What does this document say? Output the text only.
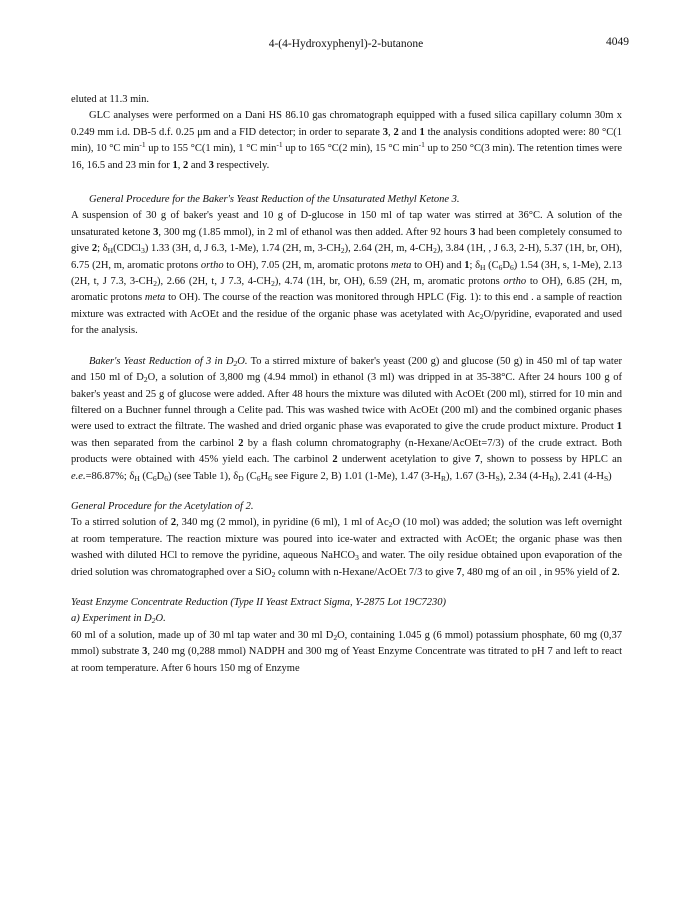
4-(4-Hydroxyphenyl)-2-butanone	4049

eluted at 11.3 min.

GLC analyses were performed on a Dani HS 86.10 gas chromatograph equipped with a fused silica capillary column 30m x 0.249 mm i.d. DB-5 d.f. 0.25 μm and a FID detector; in order to separate 3, 2 and 1 the analysis conditions adopted were: 80 °C(1 min), 10 °C $\min^{-1}$ up to 155 °C(1 min), 1 °C $\min^{-1}$ up to 165 °C(2 min), 15 °C $\min^{-1}$ up to 250 °C(3 min). The retention times were 16, 16.5 and 23 min for 1, 2 and 3 respectively.

General Procedure for the Baker's Yeast Reduction of the Unsaturated Methyl Ketone 3.

A suspension of 30 g of baker's yeast and 10 g of D-glucose in 150 ml of tap water was stirred at 36°C. A solution of the unsaturated ketone 3, 300 mg (1.85 mmol), in 2 ml of ethanol was then added. After 92 hours 3 had been completely consumed to give 2; $\delta_H(CDCl_3)$ 1.33 (3H, d, J 6.3, 1-Me), 1.74 (2H, m, $3-CH_2$), 2.64 (2H, m, $4-CH_2$), 3.84 (1H, , J 6.3, 2-H), 5.37 (1H, br, OH), 6.75 (2H, m, aromatic protons ortho to OH), 7.05 (2H, m, aromatic protons meta to OH) and 1; $\delta_H$ $(C_6D_6)$ 1.54 (3H, s, 1-Me), 2.13 (2H, t, J 7.3, $3-CH_2$), 2.66 (2H, t, J 7.3, $4-CH_2$), 4.74 (1H, br, OH), 6.59 (2H, m, aromatic protons ortho to OH), 6.85 (2H, m, aromatic protons meta to OH). The course of the reaction was monitored through HPLC (Fig. 1): to this end . a sample of reaction mixture was extracted with AcOEt and the residue of the organic phase was acetylated with $Ac_2O$/pyridine, evaporated and used for the analysis.

Baker's Yeast Reduction of 3 in $D_2O$. To a stirred mixture of baker's yeast (200 g) and glucose (50 g) in 450 ml of tap water and 150 ml of $D_2O$, a solution of 3,800 mg (4.94 mmol) in ethanol (3 ml) was dripped in at 35-38°C. After 24 hours 100 g of baker's yeast and 25 g of glucose were added. After 48 hours the mixture was diluted with AcOEt (200 ml), stirred for 10 min and filtered on a Buchner funnel through a Celite pad. This was washed twice with AcOEt (200 ml) and the combined organic phases were used to extract the filtrate. The washed and dried organic phase was evaporated to give the crude product mixture. Product 1 was then separated from the carbinol 2 by a flash column chromatography (n-Hexane/AcOEt=7/3) of the crude extract. Both products were obtained with 45% yield each. The carbinol 2 underwent acetylation to give 7, shown to possess by HPLC an e.e.=86.87%; $\delta_H$ $(C_6D_6)$ (see Table 1), $\delta_D$ ($C_6H_6$ see Figure 2, B) 1.01 (1-Me), 1.47 $(3-H_R)$, 1.67 $(3-H_S)$, 2.34 $(4-H_R)$, 2.41 $(4-H_S)$

General Procedure for the Acetylation of 2.

To a stirred solution of 2, 340 mg (2 mmol), in pyridine (6 ml), 1 ml of $Ac_2O$ (10 mol) was added; the solution was left overnight at room temperature. The reaction mixture was poured into ice-water and extracted with AcOEt; the organic phase was then washed with diluted HCl to remove the pyridine, aqueous NaHCO$_3$ and water. The oily residue obtained upon evaporation of the dried solution was chromatographed over a SiO$_2$ column with n-Hexane/AcOEt 7/3 to give 7, 480 mg of an oil , in 95% yield of 2.

Yeast Enzyme Concentrate Reduction (Type II Yeast Extract Sigma, Y-2875 Lot 19C7230)

a) Experiment in $D_2O$.

60 ml of a solution, made up of 30 ml tap water and 30 ml $D_2O$, containing 1.045 g (6 mmol) potassium phosphate, 60 mg (0,37 mmol) substrate 3, 240 mg (0,288 mmol) NADPH and 300 mg of Yeast Enzyme Concentrate was titrated to pH 7 and left to react at room temperature. After 6 hours 150 mg of Enzyme
